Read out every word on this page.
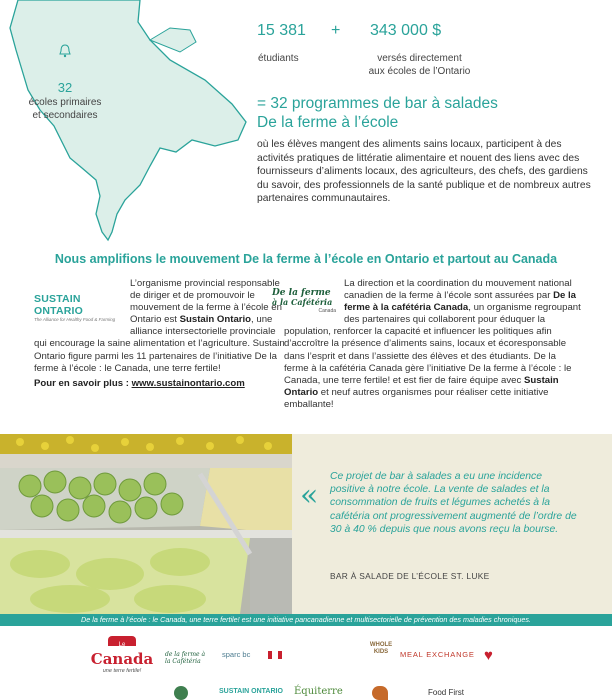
32
écoles primaires
et secondaires
15 381
étudiants
+ 343 000 $
versés directement
aux écoles de l’Ontario
= 32 programmes de bar à salades
De la ferme à l’école
où les élèves mangent des aliments sains locaux, participent à des activités pratiques de littératie alimentaire et nouent des liens avec des fournisseurs d’aliments locaux, des agriculteurs, des chefs, des gardiens du savoir, des professionnels de la santé publique et de nombreux autres partenaires communautaires.
Nous amplifions le mouvement De la ferme à l’école en Ontario et partout au Canada
SUSTAIN ONTARIO
The Alliance for Healthy Food & Farming
L’organisme provincial responsable de diriger et de promouvoir le mouvement de la ferme à l’école en Ontario est Sustain Ontario, une alliance intersectorielle provinciale qui encourage la saine alimentation et l’agriculture. Sustain Ontario figure parmi les 11 partenaires de l’initiative De la ferme à l’école : le Canada, une terre fertile!
Pour en savoir plus : www.sustainontario.com
De la ferme
à la Cafétéria
Canada
La direction et la coordination du mouvement national canadien de la ferme à l’école sont assurées par De la ferme à la cafétéria Canada, un organisme regroupant des partenaires qui collaborent pour éduquer la population, renforcer la capacité et influencer les politiques afin d’accroître la présence d’aliments sains, locaux et écoresponsable dans l’esprit et dans l’assiette des élèves et des étudiants. De la ferme à la cafétéria Canada gère l’initiative De la ferme à l’école : le Canada, une terre fertile! et est fier de faire équipe avec Sustain Ontario et neuf autres organismes pour réaliser cette initiative emballante!
«
Ce projet de bar à salades a eu une incidence positive à notre école. La vente de salades et la consommation de fruits et légumes achetés à la cafétéria ont progressivement augmenté de l’ordre de 30 à 40 % depuis que nous avons reçu la bourse.
BAR À SALADE DE L’ÉCOLE ST. LUKE
De la ferme à l’école : le Canada, une terre fertile! est une initiative pancanadienne et multisectorielle de prévention des maladies chroniques.
Le
Canada
une terre fertile!
de la ferme à la Cafétéria
sparc bc
WHOLE KIDS	MEAL EXCHANGE ♥
SUSTAIN ONTARIO Équiterre	Food First
